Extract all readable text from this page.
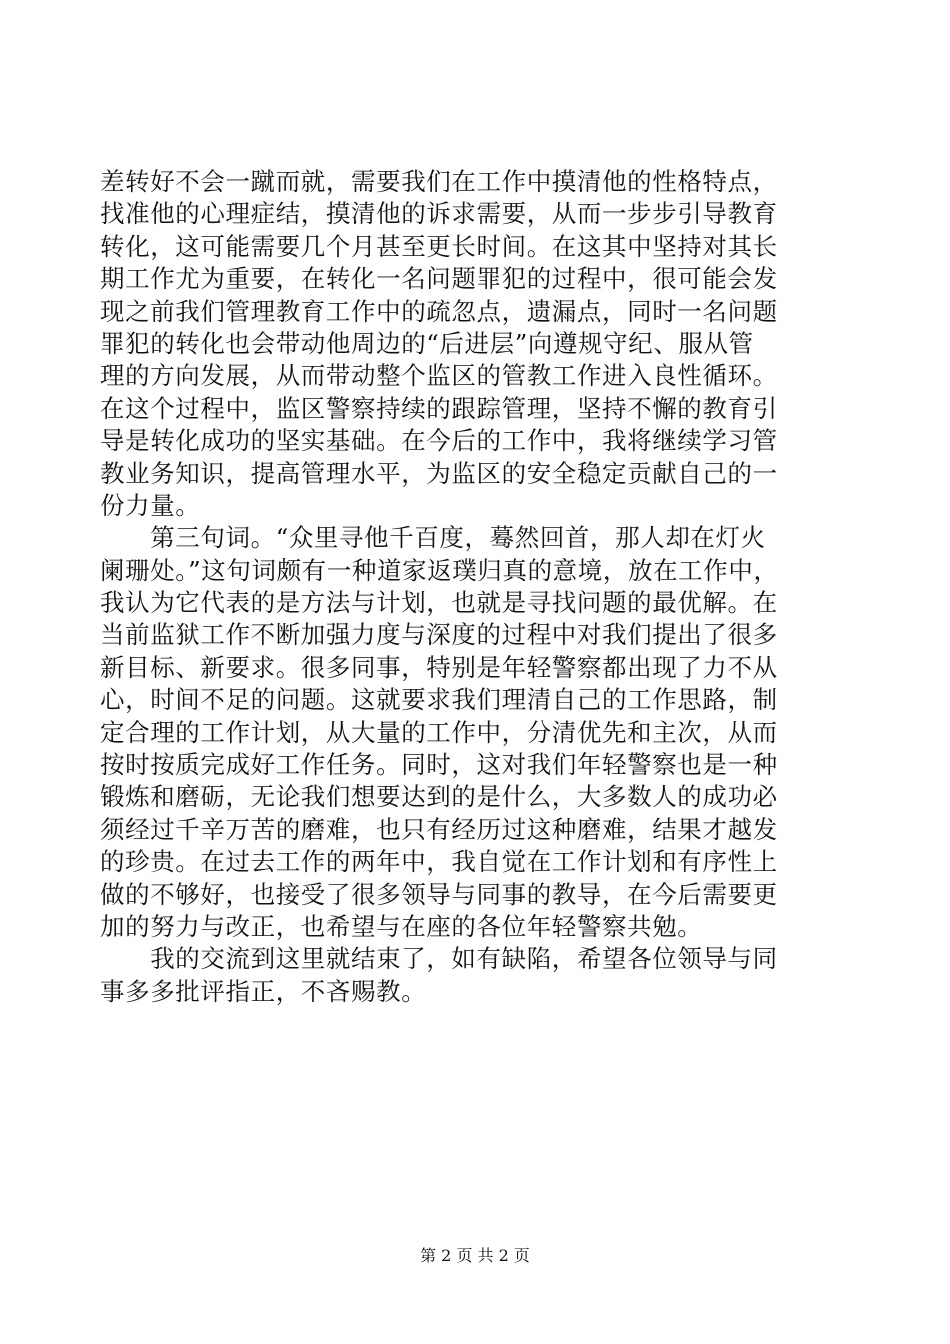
差转好不会一蹴而就，需要我们在工作中摸清他的性格特点，
找准他的心理症结，摸清他的诉求需要，从而一步步引导教育
转化，这可能需要几个月甚至更长时间。在这其中坚持对其长
期工作尤为重要，在转化一名问题罪犯的过程中，很可能会发
现之前我们管理教育工作中的疏忽点，遗漏点，同时一名问题
罪犯的转化也会带动他周边的“后进层”向遵规守纪、服从管
理的方向发展，从而带动整个监区的管教工作进入良性循环。
在这个过程中，监区警察持续的跟踪管理，坚持不懈的教育引
导是转化成功的坚实基础。在今后的工作中，我将继续学习管
教业务知识，提高管理水平，为监区的安全稳定贡献自己的一
份力量。
　　第三句词。“众里寻他千百度，蓦然回首，那人却在灯火
阑珊处。”这句词颇有一种道家返璞归真的意境，放在工作中，
我认为它代表的是方法与计划，也就是寻找问题的最优解。在
当前监狱工作不断加强力度与深度的过程中对我们提出了很多
新目标、新要求。很多同事，特别是年轻警察都出现了力不从
心，时间不足的问题。这就要求我们理清自己的工作思路，制
定合理的工作计划，从大量的工作中，分清优先和主次，从而
按时按质完成好工作任务。同时，这对我们年轻警察也是一种
锻炼和磨砺，无论我们想要达到的是什么，大多数人的成功必
须经过千辛万苦的磨难，也只有经历过这种磨难，结果才越发
的珍贵。在过去工作的两年中，我自觉在工作计划和有序性上
做的不够好，也接受了很多领导与同事的教导，在今后需要更
加的努力与改正，也希望与在座的各位年轻警察共勉。
　　我的交流到这里就结束了，如有缺陷，希望各位领导与同
事多多批评指正，不吝赐教。
第 2 页 共 2 页
